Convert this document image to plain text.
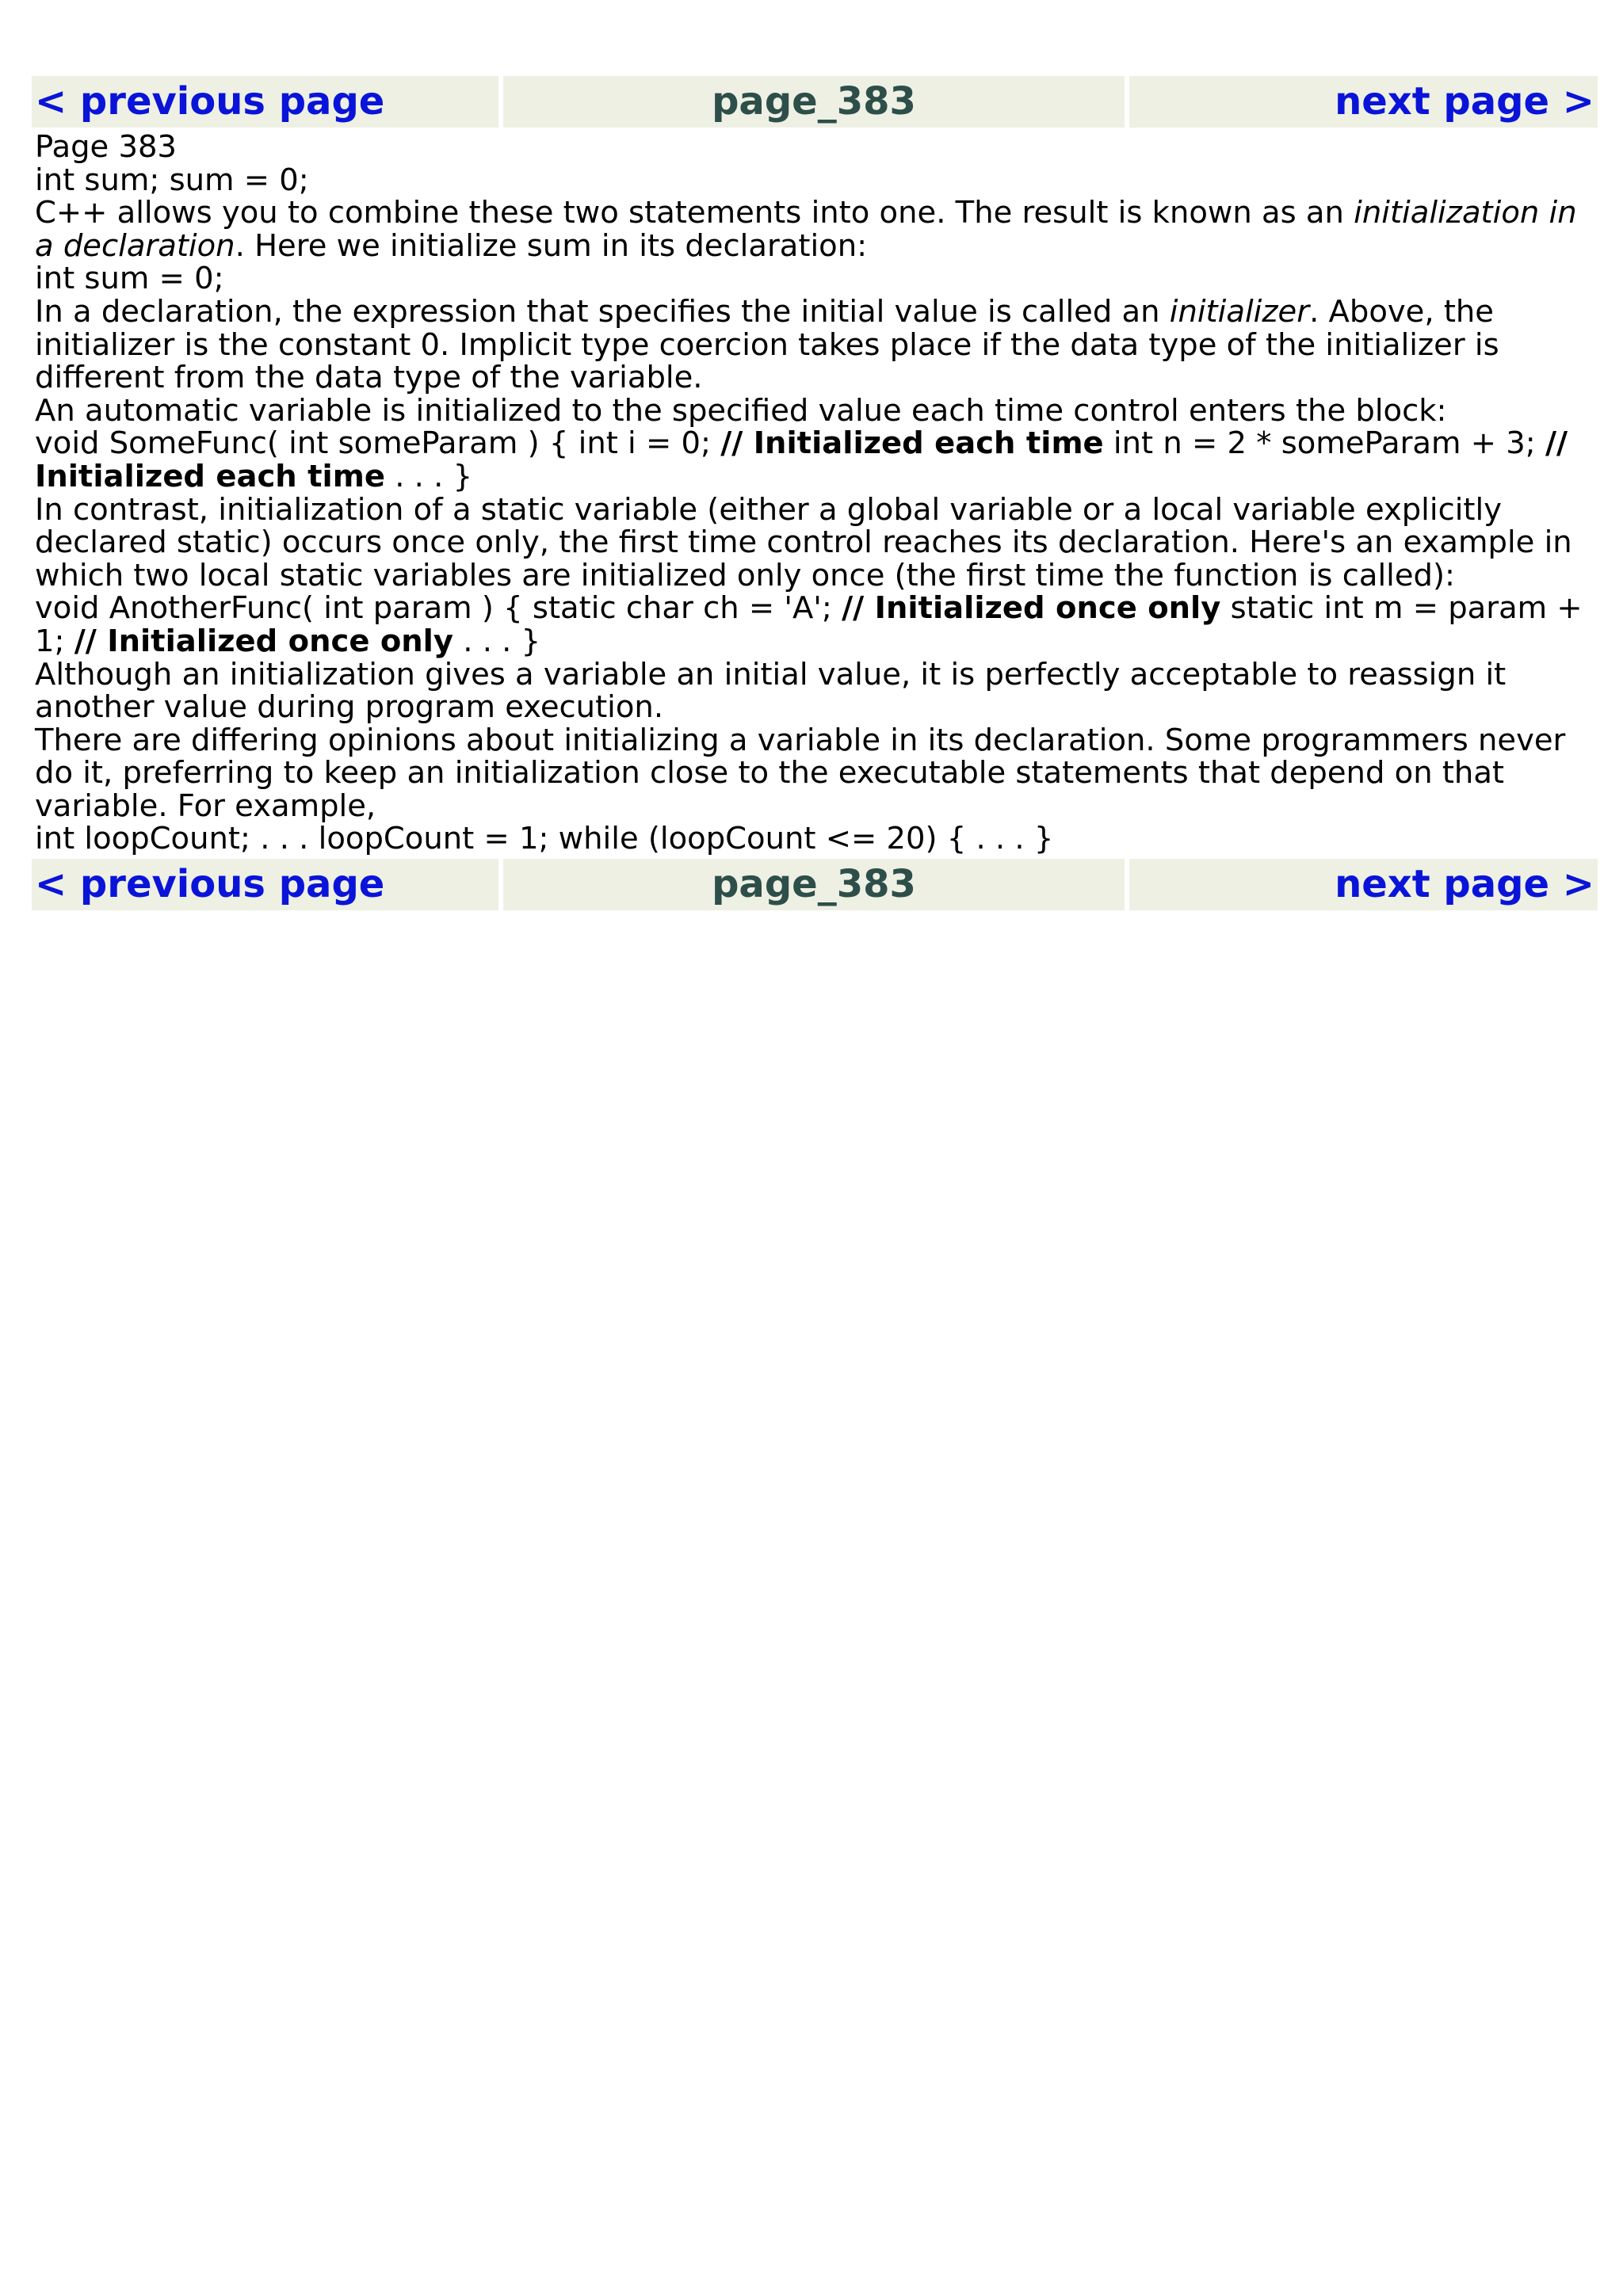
< previous page	page_383	next page >

Page 383

int sum; sum = 0;

C++ allows you to combine these two statements into one. The result is known as an initialization in a declaration. Here we initialize sum in its declaration:

int sum = 0;

In a declaration, the expression that specifies the initial value is called an initializer. Above, the initializer is the constant 0. Implicit type coercion takes place if the data type of the initializer is different from the data type of the variable.

An automatic variable is initialized to the specified value each time control enters the block:

void SomeFunc( int someParam ) { int i = 0; // Initialized each time int n = 2 * someParam + 3; // Initialized each time . . . }

In contrast, initialization of a static variable (either a global variable or a local variable explicitly declared static) occurs once only, the first time control reaches its declaration. Here's an example in which two local static variables are initialized only once (the first time the function is called):

void AnotherFunc( int param ) { static char ch = 'A'; // Initialized once only static int m = param + 1; // Initialized once only . . . }

Although an initialization gives a variable an initial value, it is perfectly acceptable to reassign it another value during program execution.

There are differing opinions about initializing a variable in its declaration. Some programmers never do it, preferring to keep an initialization close to the executable statements that depend on that variable. For example,

int loopCount; . . . loopCount = 1; while (loopCount <= 20) { . . . }

< previous page	page_383	next page >
